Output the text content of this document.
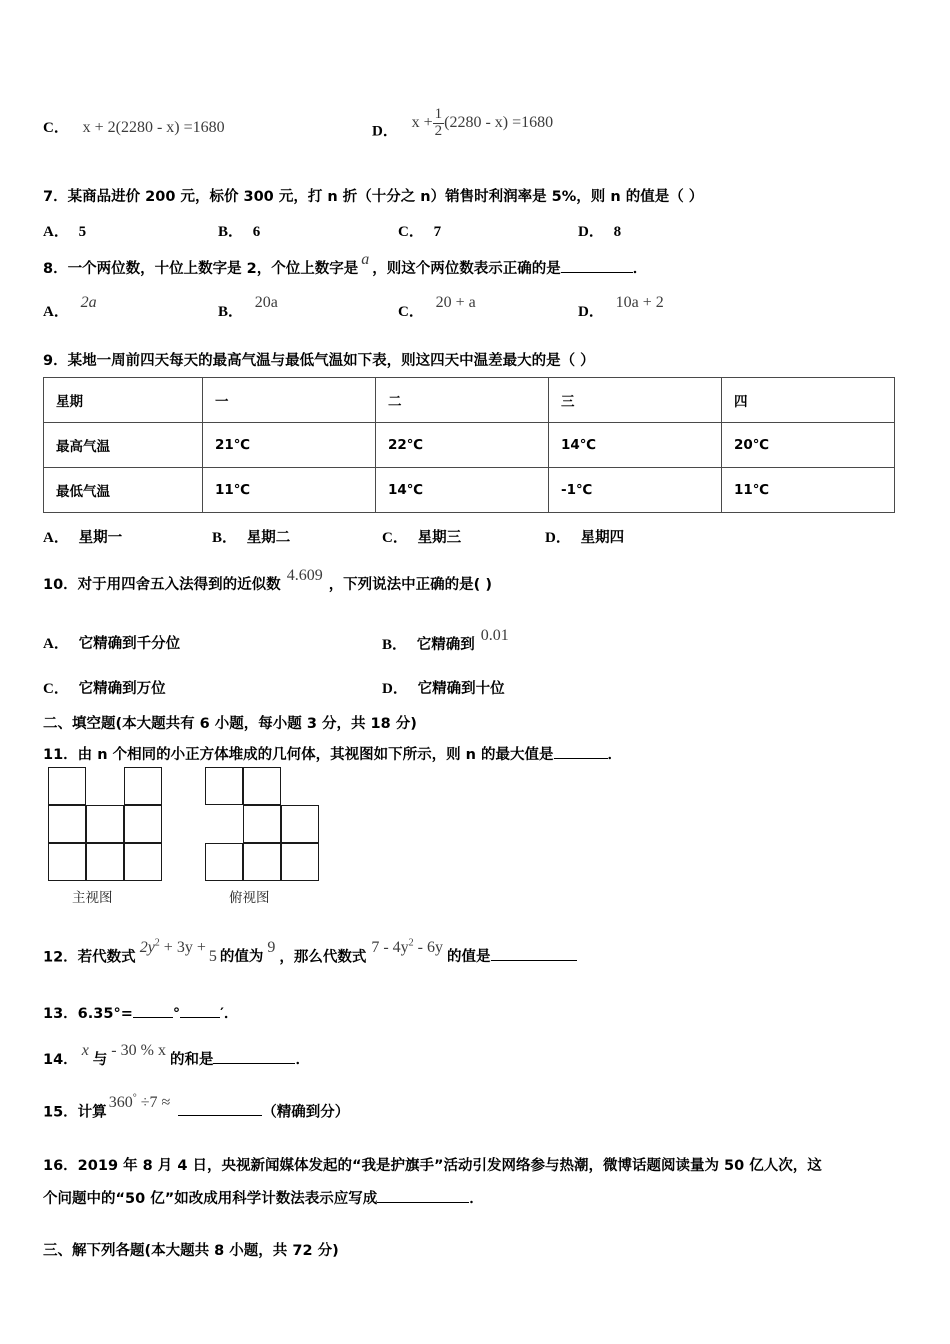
C． x + 2(2280 - x) =1680	D． $x + \frac{1}{2} (2280 - x) =1680$
7．某商品进价 200 元，标价 300 元，打 n 折（十分之 n）销售时利润率是 5%，则 n 的值是（ ）
A． 5	B． 6	C． 7	D． 8
8．一个两位数，十位上数字是 2，个位上数字是a，则这个两位数表示正确的是	．
A． 2a
B． 20a
C． 20 + a
D． 10a + 2
9．某地一周前四天每天的最高气温与最低气温如下表，则这四天中温差最大的是（ ）
星期	一	二	三	四
最高气温	21℃	22℃	14℃	20℃
最低气温	11℃	14℃	-1℃	11℃
A． 星期一	B． 星期二	C． 星期三	D． 星期四
10．对于用四舍五入法得到的近似数4.609，下列说法中正确的是( )
A． 它精确到千分位	B． 它精确到0.01
C． 它精确到万位	D． 它精确到十位
二、填空题(本大题共有 6 小题，每小题 3 分，共 18 分)
11．由 n 个相同的小正方体堆成的几何体，其视图如下所示，则 n 的最大值是	．
主视图	俯视图
12．若代数式$2y^2 + 3y +5$ 的值为9，那么代数式$7 - 4y^2 - 6y$的值是
13．6.35°=	°	′．
14．x与- 30 % x的和是	．
15．计算360° ÷7 ≈（精确到分）
16．2019 年 8 月 4 日，央视新闻媒体发起的“我是护旗手”活动引发网络参与热潮，微博话题阅读量为 50 亿人次，这
个问题中的“50 亿”如改成用科学计数法表示应写成	．
三、解下列各题(本大题共 8 小题，共 72 分)
